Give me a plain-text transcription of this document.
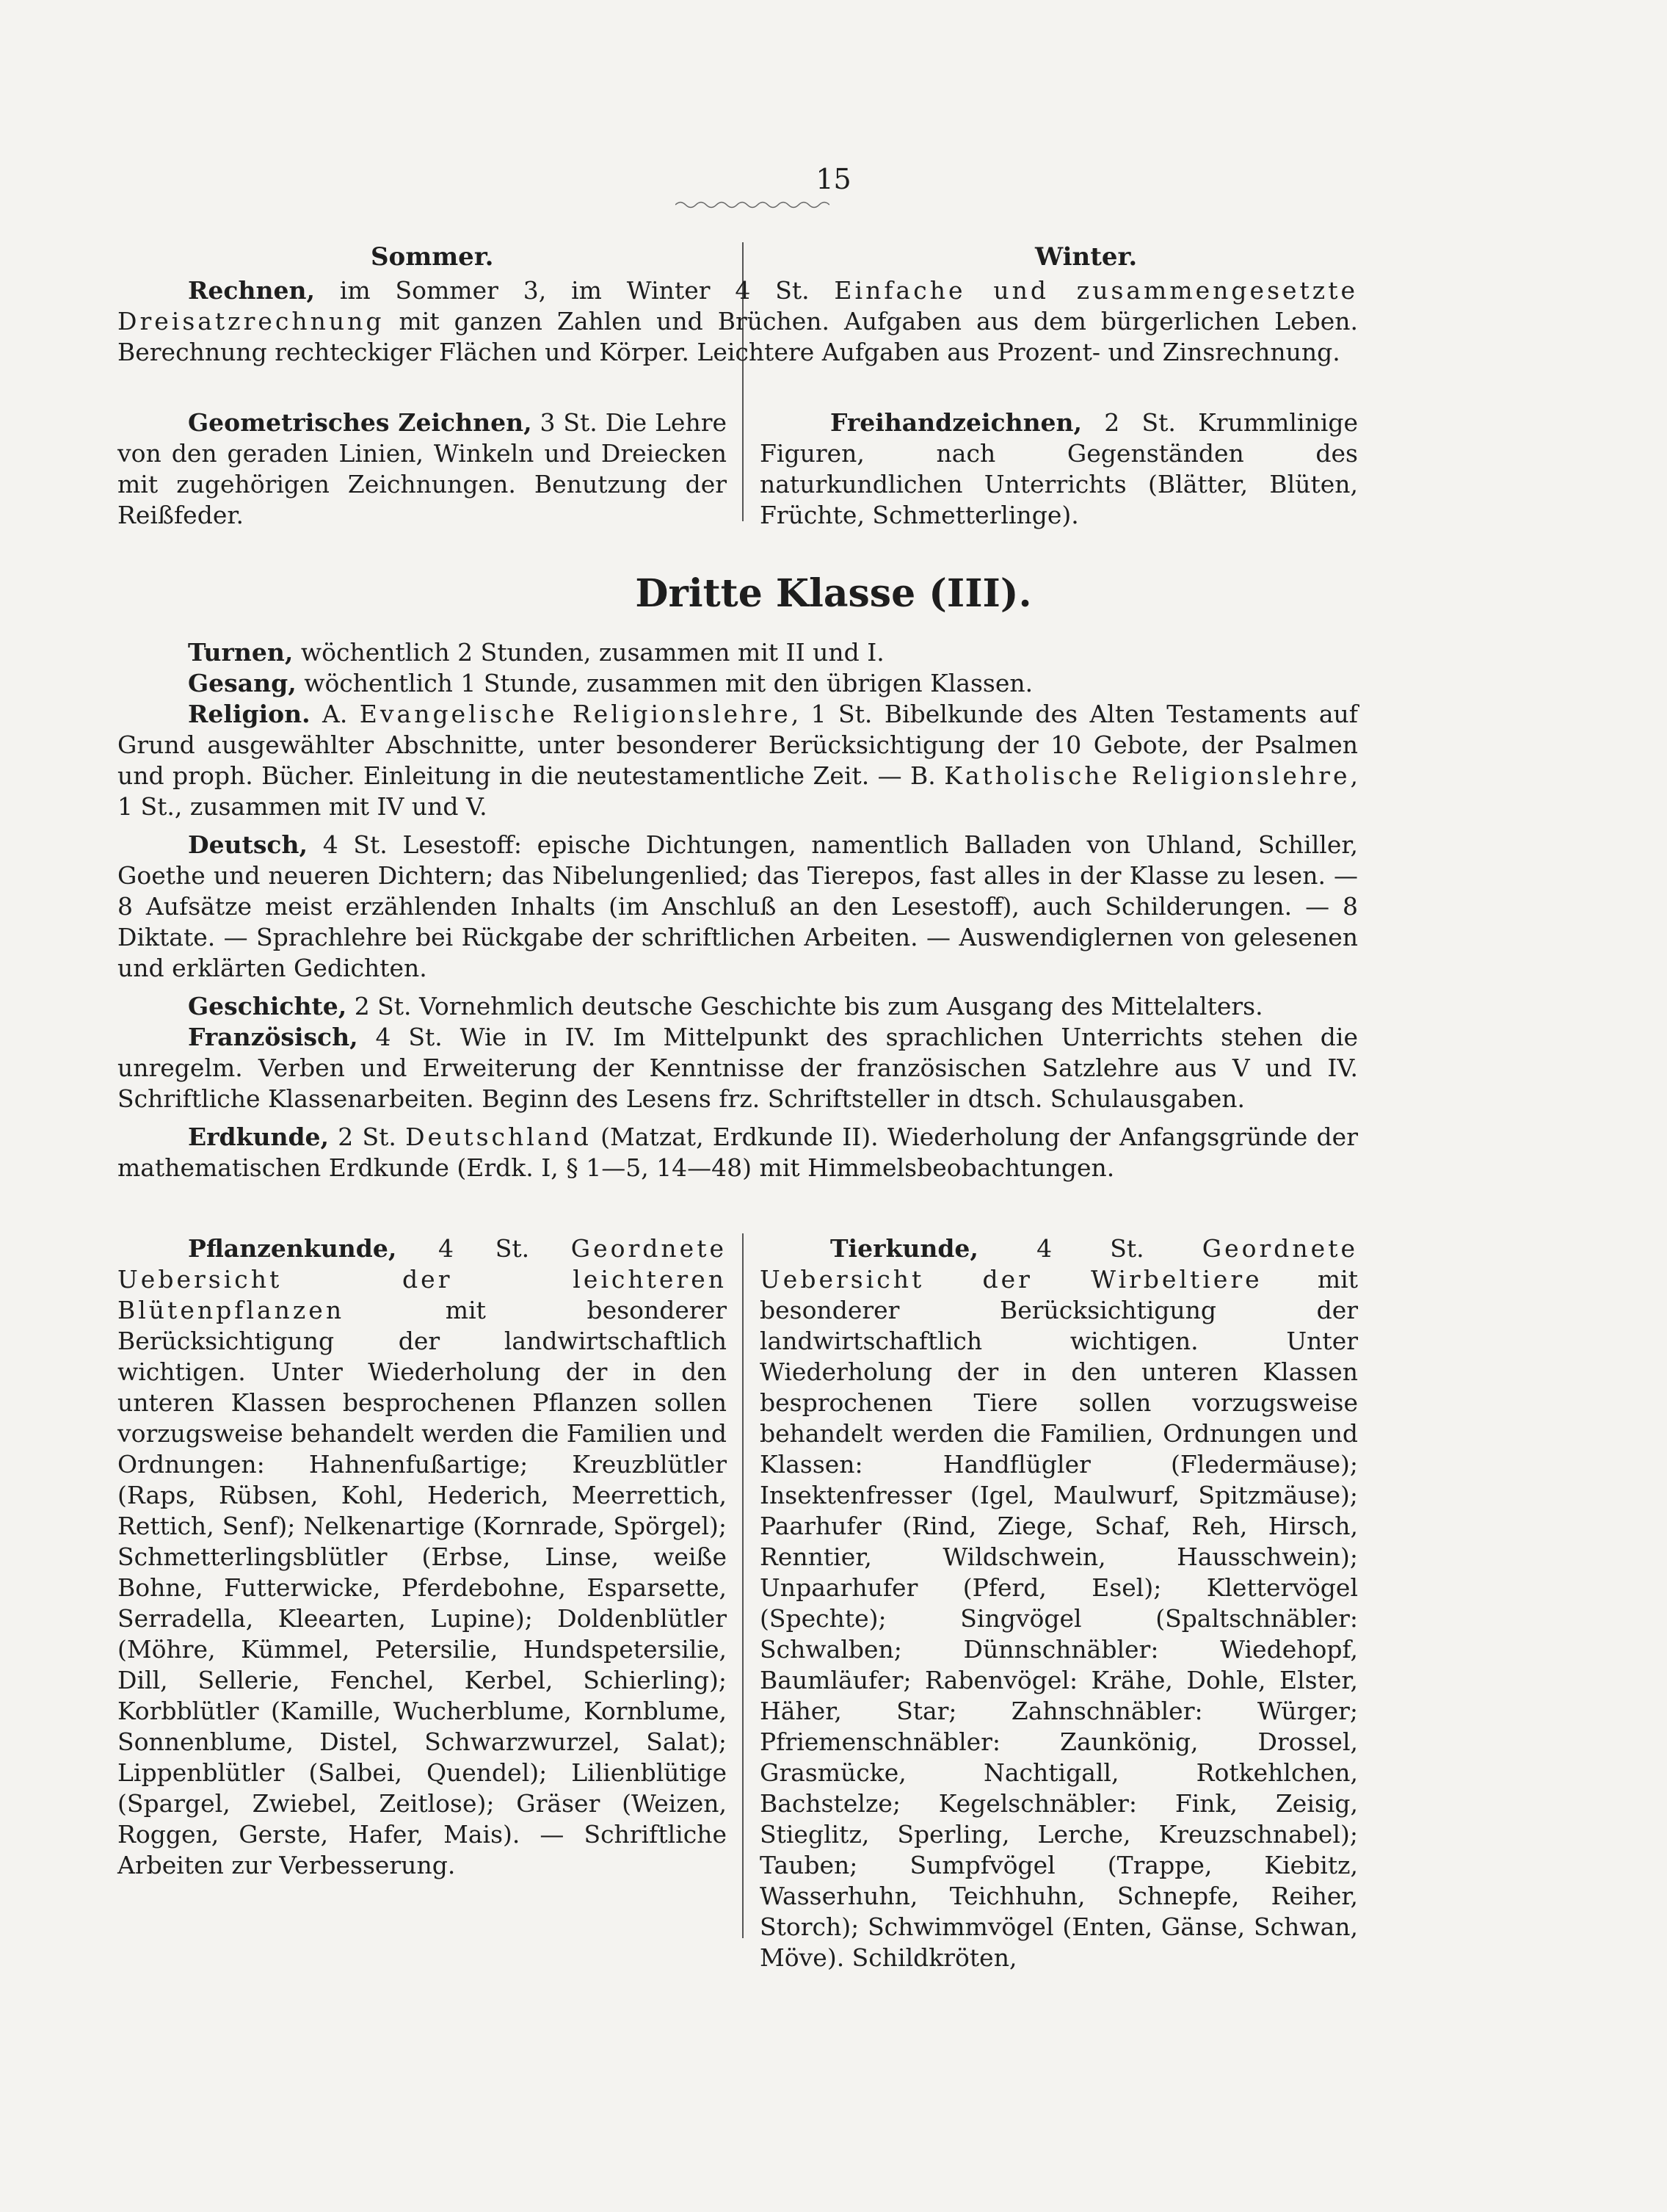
15
Sommer.	Winter.

Rechnen, im Sommer 3, im Winter 4 St. Einfache und zusammengesetzte Dreisatzrechnung mit ganzen Zahlen und Brüchen. Aufgaben aus dem bürgerlichen Leben. Berechnung rechteckiger Flächen und Körper. Leichtere Aufgaben aus Prozent- und Zinsrechnung.

Geometrisches Zeichnen, 3 St. Die Lehre von den geraden Linien, Winkeln und Dreiecken mit zugehörigen Zeichnungen. Benutzung der Reißfeder.

Freihandzeichnen, 2 St. Krummlinige Figuren, nach Gegenständen des naturkundlichen Unterrichts (Blätter, Blüten, Früchte, Schmetterlinge).

Dritte Klasse (III).

Turnen, wöchentlich 2 Stunden, zusammen mit II und I.

Gesang, wöchentlich 1 Stunde, zusammen mit den übrigen Klassen.

Religion. A. Evangelische Religionslehre, 1 St. Bibelkunde des Alten Testaments auf Grund ausgewählter Abschnitte, unter besonderer Berücksichtigung der 10 Gebote, der Psalmen und proph. Bücher. Einleitung in die neutestamentliche Zeit. — B. Katholische Religionslehre, 1 St., zusammen mit IV und V.

Deutsch, 4 St. Lesestoff: epische Dichtungen, namentlich Balladen von Uhland, Schiller, Goethe und neueren Dichtern; das Nibelungenlied; das Tierepos, fast alles in der Klasse zu lesen. — 8 Aufsätze meist erzählenden Inhalts (im Anschluß an den Lesestoff), auch Schilderungen. — 8 Diktate. — Sprachlehre bei Rückgabe der schriftlichen Arbeiten. — Auswendiglernen von gelesenen und erklärten Gedichten.

Geschichte, 2 St. Vornehmlich deutsche Geschichte bis zum Ausgang des Mittelalters.

Französisch, 4 St. Wie in IV. Im Mittelpunkt des sprachlichen Unterrichts stehen die unregelm. Verben und Erweiterung der Kenntnisse der französischen Satzlehre aus V und IV. Schriftliche Klassenarbeiten. Beginn des Lesens frz. Schriftsteller in dtsch. Schulausgaben.

Erdkunde, 2 St. Deutschland (Matzat, Erdkunde II). Wiederholung der Anfangsgründe der mathematischen Erdkunde (Erdk. I, § 1—5, 14—48) mit Himmelsbeobachtungen.

Pflanzenkunde, 4 St. Geordnete Uebersicht der leichteren Blütenpflanzen mit besonderer Berücksichtigung der landwirtschaftlich wichtigen. Unter Wiederholung der in den unteren Klassen besprochenen Pflanzen sollen vorzugsweise behandelt werden die Familien und Ordnungen: Hahnenfußartige; Kreuzblütler (Raps, Rübsen, Kohl, Hederich, Meerrettich, Rettich, Senf); Nelkenartige (Kornrade, Spörgel); Schmetterlingsblütler (Erbse, Linse, weiße Bohne, Futterwicke, Pferdebohne, Esparsette, Serradella, Kleearten, Lupine); Doldenblütler (Möhre, Kümmel, Petersilie, Hundspetersilie, Dill, Sellerie, Fenchel, Kerbel, Schierling); Korbblütler (Kamille, Wucherblume, Kornblume, Sonnenblume, Distel, Schwarzwurzel, Salat); Lippenblütler (Salbei, Quendel); Lilienblütige (Spargel, Zwiebel, Zeitlose); Gräser (Weizen, Roggen, Gerste, Hafer, Mais). — Schriftliche Arbeiten zur Verbesserung.

Tierkunde, 4 St. Geordnete Uebersicht der Wirbeltiere mit besonderer Berücksichtigung der landwirtschaftlich wichtigen. Unter Wiederholung der in den unteren Klassen besprochenen Tiere sollen vorzugsweise behandelt werden die Familien, Ordnungen und Klassen: Handflügler (Fledermäuse); Insektenfresser (Igel, Maulwurf, Spitzmäuse); Paarhufer (Rind, Ziege, Schaf, Reh, Hirsch, Renntier, Wildschwein, Hausschwein); Unpaarhufer (Pferd, Esel); Klettervögel (Spechte); Singvögel (Spaltschnäbler: Schwalben; Dünnschnäbler: Wiedehopf, Baumläufer; Rabenvögel: Krähe, Dohle, Elster, Häher, Star; Zahnschnäbler: Würger; Pfriemenschnäbler: Zaunkönig, Drossel, Grasmücke, Nachtigall, Rotkehlchen, Bachstelze; Kegelschnäbler: Fink, Zeisig, Stieglitz, Sperling, Lerche, Kreuzschnabel); Tauben; Sumpfvögel (Trappe, Kiebitz, Wasserhuhn, Teichhuhn, Schnepfe, Reiher, Storch); Schwimmvögel (Enten, Gänse, Schwan, Möve). Schildkröten,
